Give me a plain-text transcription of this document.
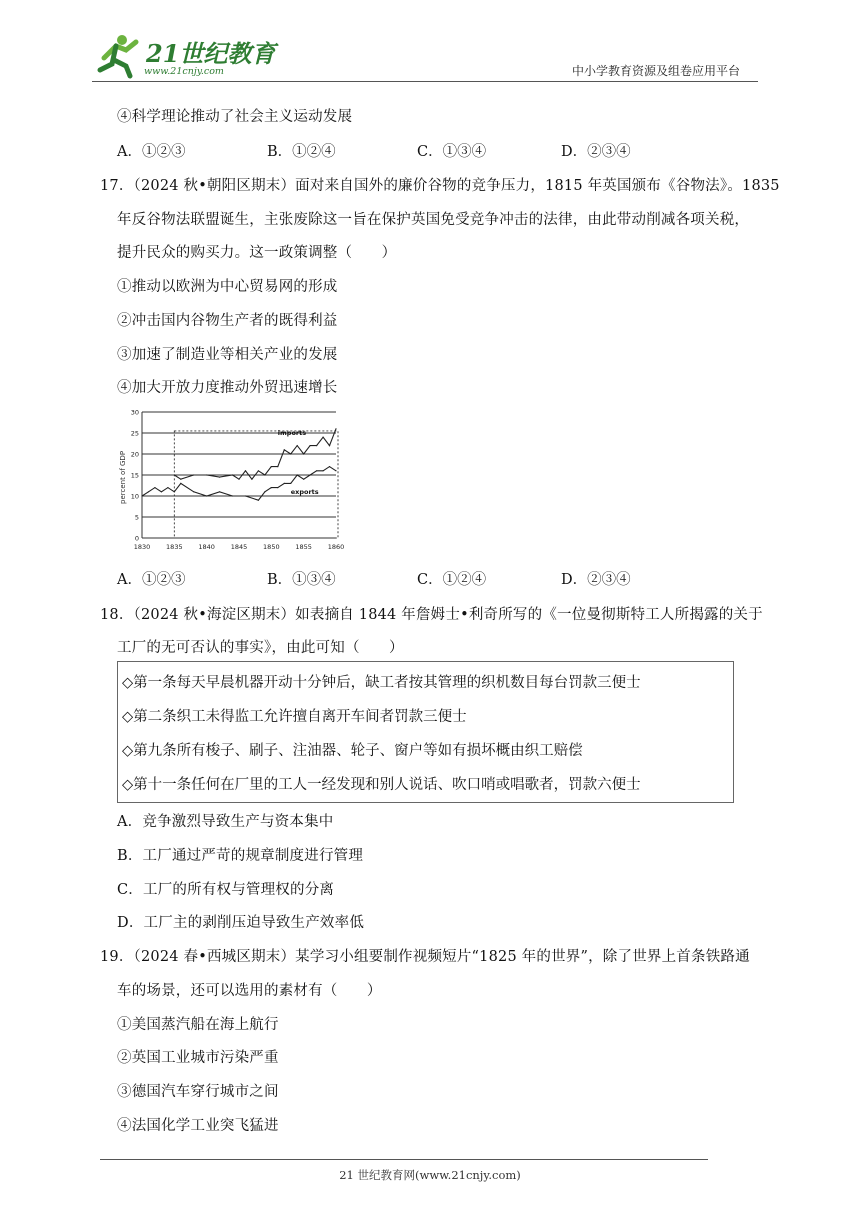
21世纪教育
www.21cnjy.com	中小学教育资源及组卷应用平台
④科学理论推动了社会主义运动发展
A．①②③	B．①②④	C．①③④	D．②③④
17．（2024 秋•朝阳区期末）面对来自国外的廉价谷物的竞争压力，1815 年英国颁布《谷物法》。1835
年反谷物法联盟诞生，主张废除这一旨在保护英国免受竞争冲击的法律，由此带动削减各项关税，
提升民众的购买力。这一政策调整（　　）
①推动以欧洲为中心贸易网的形成
②冲击国内谷物生产者的既得利益
③加速了制造业等相关产业的发展
④加大开放力度推动外贸迅速增长
0
5
10
15
20
25
30
1830 1835 1840 1845 1850 1855 1860
imports
exports
percent of GDP
A．①②③	B．①③④	C．①②④	D．②③④
18．（2024 秋•海淀区期末）如表摘自 1844 年詹姆士•利奇所写的《一位曼彻斯特工人所揭露的关于
工厂的无可否认的事实》，由此可知（　　）
◇第一条每天早晨机器开动十分钟后，缺工者按其管理的织机数目每台罚款三便士
◇第二条织工未得监工允许擅自离开车间者罚款三便士
◇第九条所有梭子、刷子、注油器、轮子、窗户等如有损坏概由织工赔偿
◇第十一条任何在厂里的工人一经发现和别人说话、吹口哨或唱歌者，罚款六便士
A．竞争激烈导致生产与资本集中
B．工厂通过严苛的规章制度进行管理
C．工厂的所有权与管理权的分离
D．工厂主的剥削压迫导致生产效率低
19．（2024 春•西城区期末）某学习小组要制作视频短片“1825 年的世界”，除了世界上首条铁路通
车的场景，还可以选用的素材有（　　）
①美国蒸汽船在海上航行
②英国工业城市污染严重
③德国汽车穿行城市之间
④法国化学工业突飞猛进
21 世纪教育网(www.21cnjy.com)
